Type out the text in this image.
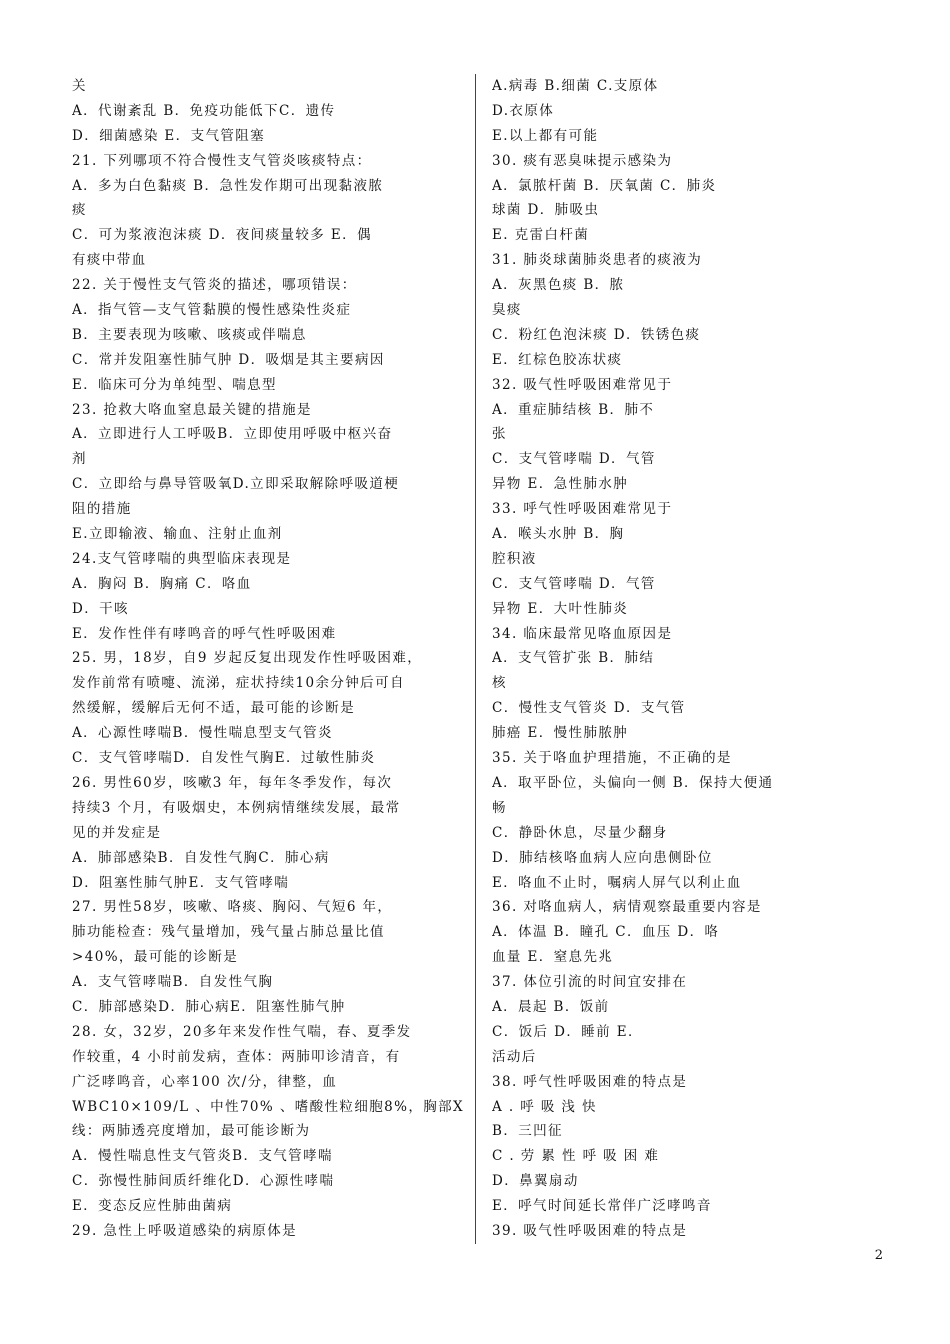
关
A．代谢紊乱 B．免疫功能低下C．遗传
D．细菌感染 E．支气管阻塞
21. 下列哪项不符合慢性支气管炎咳痰特点：
A．多为白色黏痰 B．急性发作期可出现黏液脓
痰
C．可为浆液泡沫痰 D．夜间痰量较多 E．偶
有痰中带血
22. 关于慢性支气管炎的描述，哪项错误：
A．指气管—支气管黏膜的慢性感染性炎症
B．主要表现为咳嗽、咳痰或伴喘息
C．常并发阻塞性肺气肿 D．吸烟是其主要病因
E．临床可分为单纯型、喘息型
23. 抢救大咯血窒息最关键的措施是
A．立即进行人工呼吸B．立即使用呼吸中枢兴奋
剂
C．立即给与鼻导管吸氧D.立即采取解除呼吸道梗
阻的措施
E.立即输液、输血、注射止血剂
24.支气管哮喘的典型临床表现是
A．胸闷 B．胸痛 C．咯血
D．干咳
E．发作性伴有哮鸣音的呼气性呼吸困难
25. 男，18岁，自9 岁起反复出现发作性呼吸困难，
发作前常有喷嚏、流涕，症状持续10余分钟后可自
然缓解，缓解后无何不适，最可能的诊断是
A．心源性哮喘B．慢性喘息型支气管炎
C．支气管哮喘D．自发性气胸E．过敏性肺炎
26. 男性60岁，咳嗽3 年，每年冬季发作，每次
持续3 个月，有吸烟史，本例病情继续发展，最常
见的并发症是
A．肺部感染B．自发性气胸C．肺心病
D．阻塞性肺气肿E．支气管哮喘
27. 男性58岁，咳嗽、咯痰、胸闷、气短6 年，
肺功能检查：残气量增加，残气量占肺总量比值
>40%，最可能的诊断是
A．支气管哮喘B．自发性气胸
C．肺部感染D．肺心病E．阻塞性肺气肿
28. 女，32岁，20多年来发作性气喘，春、夏季发
作较重，4 小时前发病，查体：两肺叩诊清音，有
广泛哮鸣音，心率100 次/分，律整，血
WBC10×109/L 、中性70% 、嗜酸性粒细胞8%，胸部X
线：两肺透亮度增加，最可能诊断为
A．慢性喘息性支气管炎B．支气管哮喘
C．弥慢性肺间质纤维化D．心源性哮喘
E．变态反应性肺曲菌病
29. 急性上呼吸道感染的病原体是
A.病毒 B.细菌 C.支原体
D.衣原体
E.以上都有可能
30. 痰有恶臭味提示感染为
A．氯脓杆菌 B．厌氧菌 C．肺炎
球菌 D．肺吸虫
E. 克雷白杆菌
31. 肺炎球菌肺炎患者的痰液为
A．灰黑色痰 B．脓
臭痰
C．粉红色泡沫痰 D．铁锈色痰
E．红棕色胶冻状痰
32. 吸气性呼吸困难常见于
A．重症肺结核 B．肺不
张
C．支气管哮喘 D．气管
异物 E．急性肺水肿
33. 呼气性呼吸困难常见于
A．喉头水肿 B．胸
腔积液
C．支气管哮喘 D．气管
异物 E．大叶性肺炎
34. 临床最常见咯血原因是
A．支气管扩张 B．肺结
核
C．慢性支气管炎 D．支气管
肺癌 E．慢性肺脓肿
35. 关于咯血护理措施，不正确的是
A．取平卧位，头偏向一侧 B．保持大便通
畅
C．静卧休息，尽量少翻身
D．肺结核咯血病人应向患侧卧位
E．咯血不止时，嘱病人屏气以利止血
36. 对咯血病人，病情观察最重要内容是
A．体温 B．瞳孔 C．血压 D．咯
血量 E．窒息先兆
37. 体位引流的时间宜安排在
A．晨起 B．饭前
C．饭后 D．睡前 E．
活动后
38. 呼气性呼吸困难的特点是
A . 呼 吸 浅 快
B．三凹征
C . 劳 累 性 呼 吸 困 难
D．鼻翼扇动
E．呼气时间延长常伴广泛哮鸣音
39. 吸气性呼吸困难的特点是
2
